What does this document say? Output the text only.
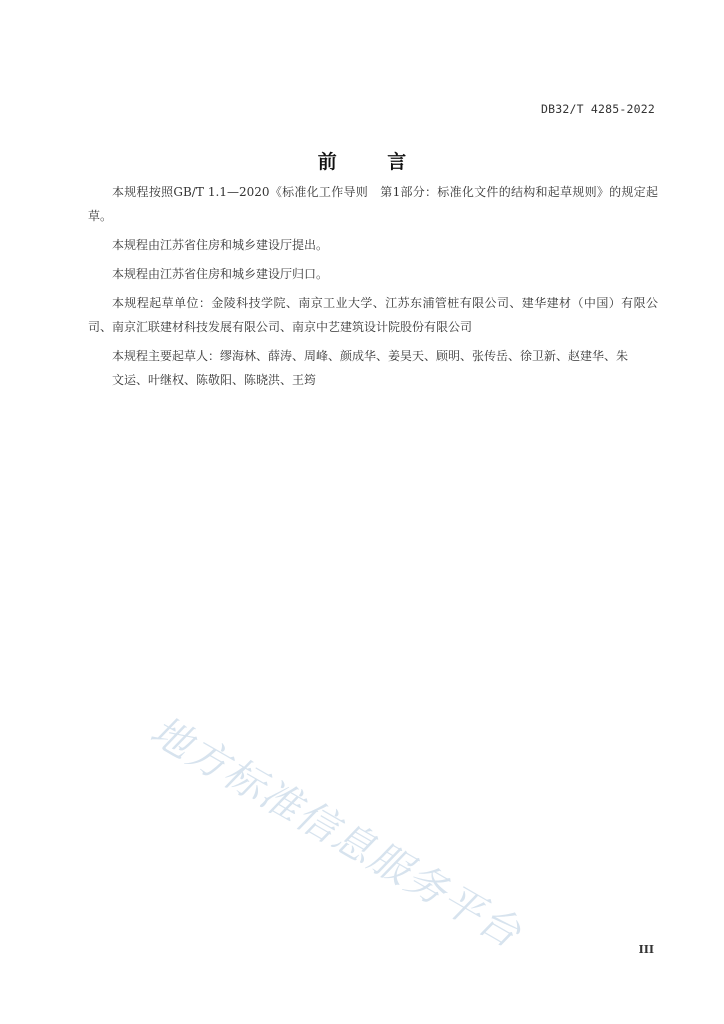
DB32/T 4285-2022
前 言

本规程按照GB/T 1.1—2020《标准化工作导则　第1部分：标准化文件的结构和起草规则》的规定起草。

本规程由江苏省住房和城乡建设厅提出。

本规程由江苏省住房和城乡建设厅归口。

本规程起草单位：金陵科技学院、南京工业大学、江苏东浦管桩有限公司、建华建材（中国）有限公司、南京汇联建材科技发展有限公司、南京中艺建筑设计院股份有限公司

本规程主要起草人：缪海林、薛涛、周峰、颜成华、姜昊天、顾明、张传岳、徐卫新、赵建华、朱

文运、叶继权、陈敬阳、陈晓洪、王筠

地方标准信息服务平台	III
